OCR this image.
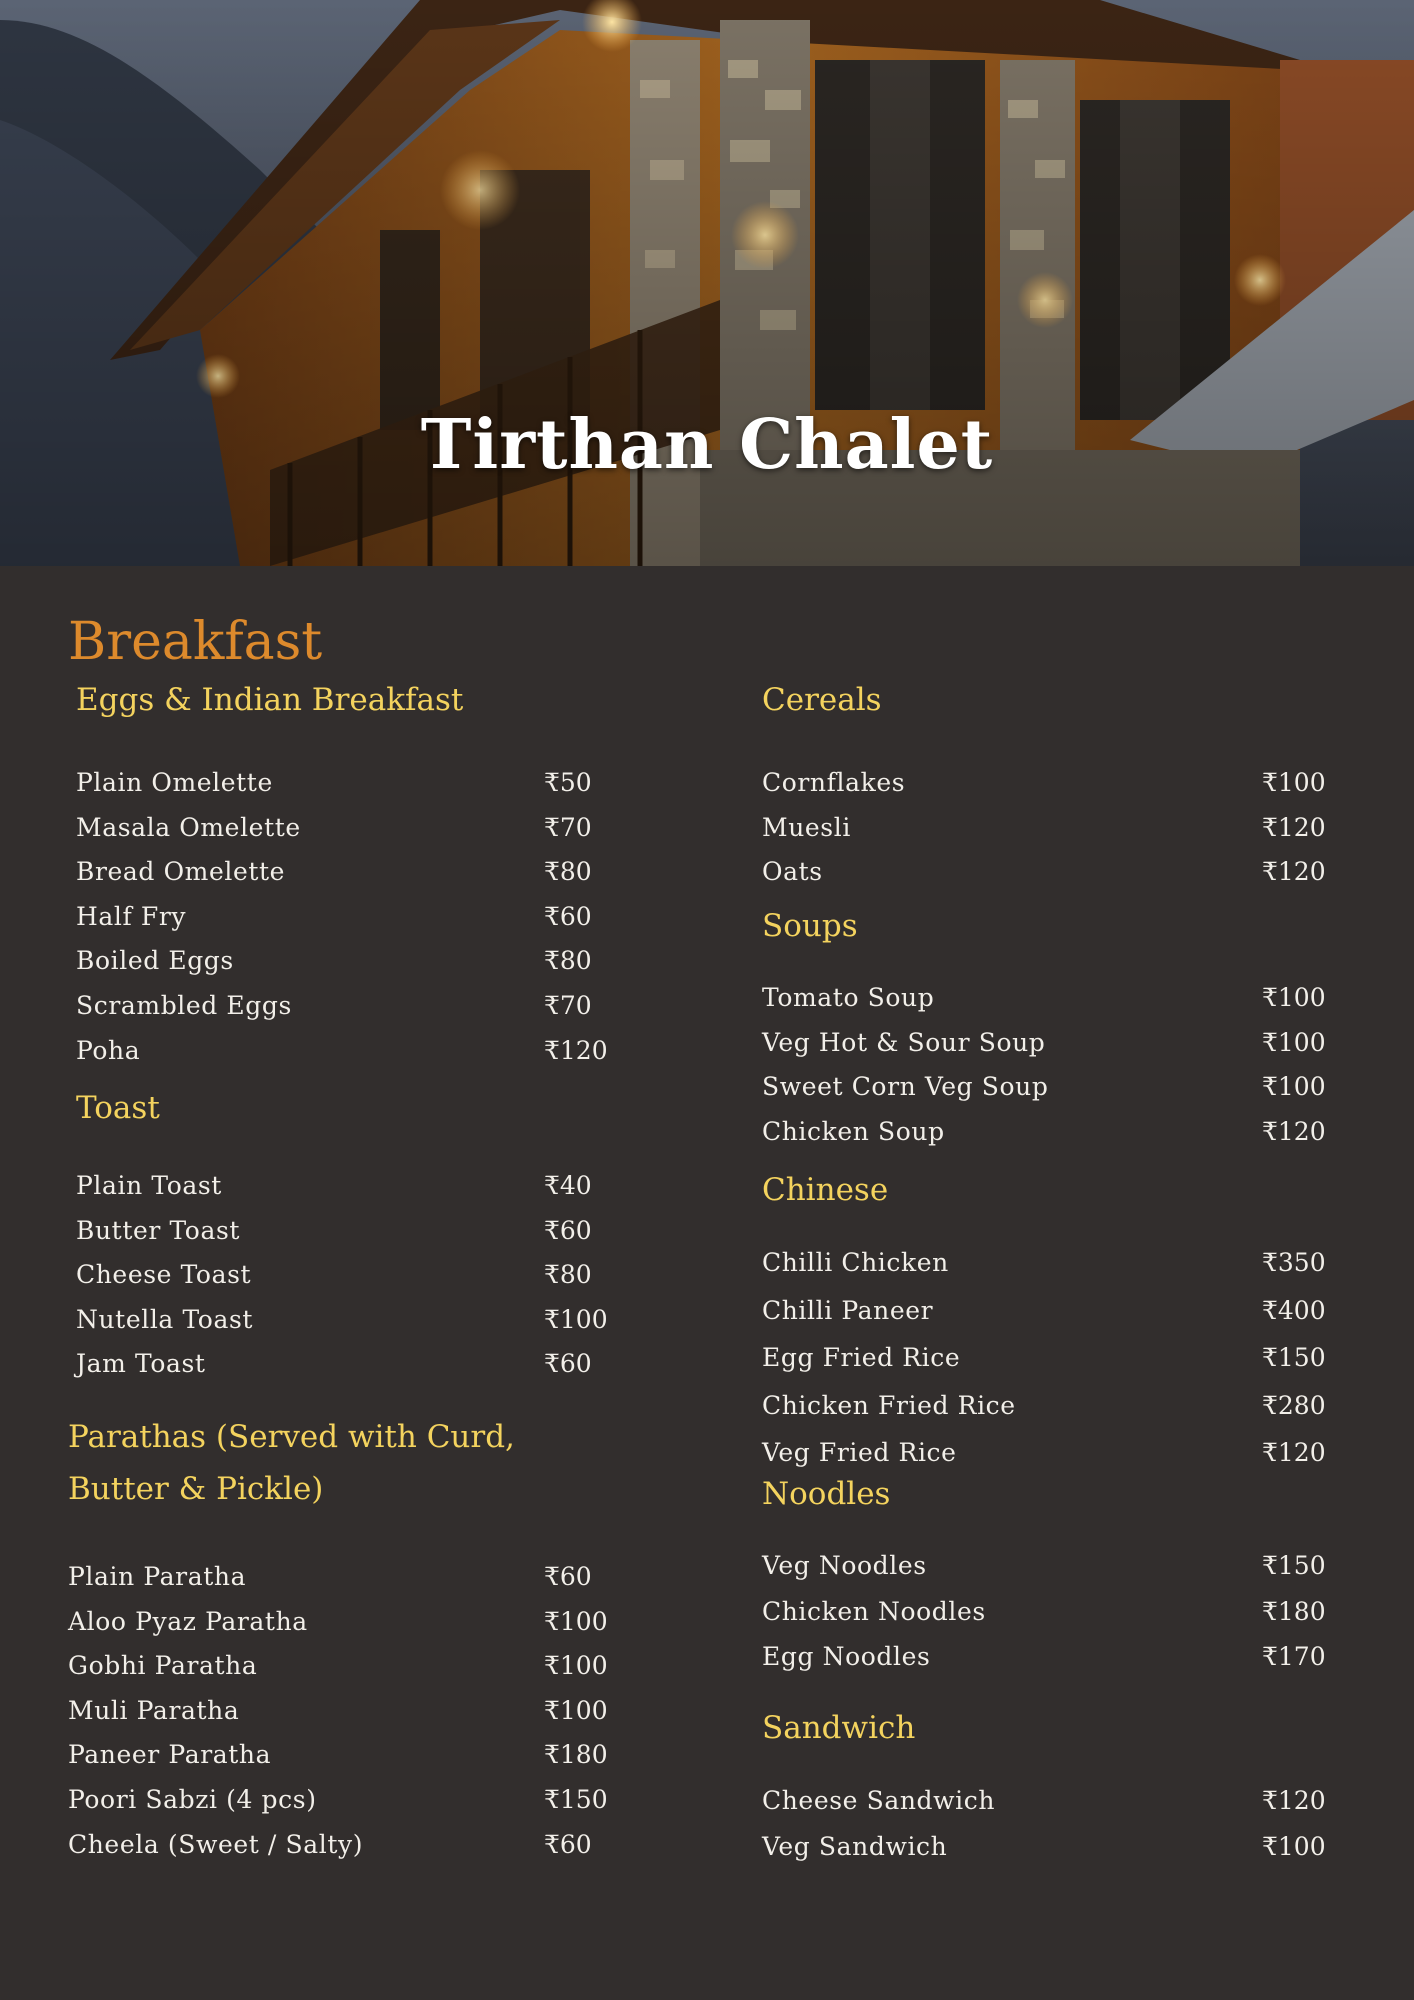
Tirthan Chalet
Breakfast
Eggs & Indian Breakfast
Plain Omelette	₹50
Masala Omelette	₹70
Bread Omelette	₹80
Half Fry	₹60
Boiled Eggs	₹80
Scrambled Eggs	₹70
Poha	₹120
Toast
Plain Toast	₹40
Butter Toast	₹60
Cheese Toast	₹80
Nutella Toast	₹100
Jam Toast	₹60
Parathas (Served with Curd, Butter & Pickle)
Plain Paratha	₹60
Aloo Pyaz Paratha	₹100
Gobhi Paratha	₹100
Muli Paratha	₹100
Paneer Paratha	₹180
Poori Sabzi (4 pcs)	₹150
Cheela (Sweet / Salty)	₹60
Cereals
Cornflakes	₹100
Muesli	₹120
Oats	₹120
Soups
Tomato Soup	₹100
Veg Hot & Sour Soup	₹100
Sweet Corn Veg Soup	₹100
Chicken Soup	₹120
Chinese
Chilli Chicken	₹350
Chilli Paneer	₹400
Egg Fried Rice	₹150
Chicken Fried Rice	₹280
Veg Fried Rice	₹120
Noodles
Veg Noodles	₹150
Chicken Noodles	₹180
Egg Noodles	₹170
Sandwich
Cheese Sandwich	₹120
Veg Sandwich	₹100
